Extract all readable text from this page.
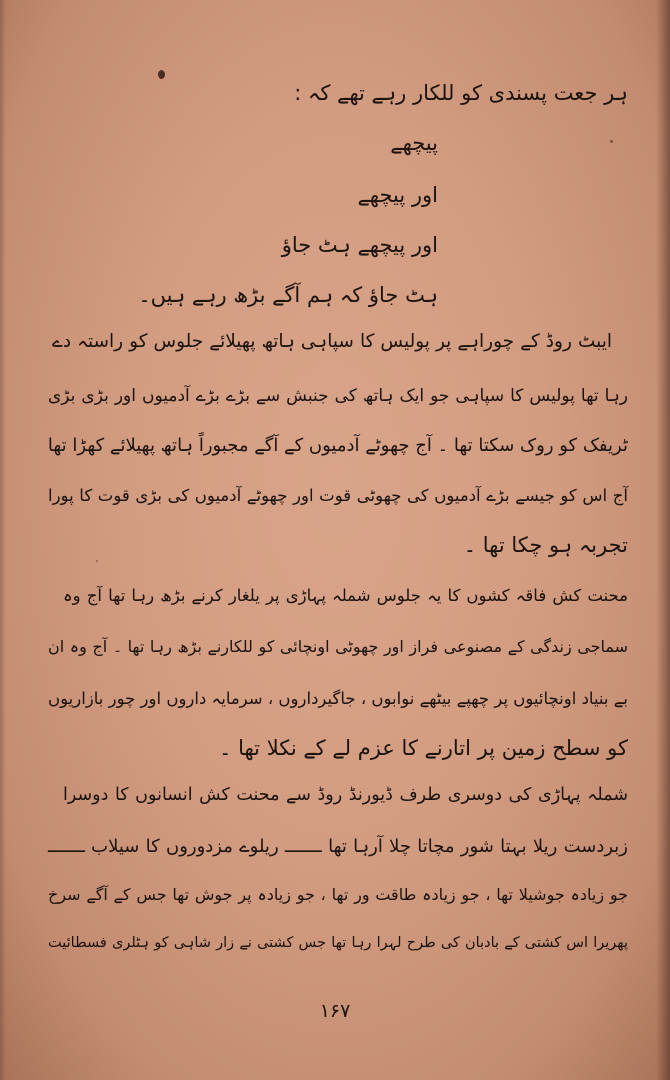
ہر جعت پسندی کو للکار رہے تھے کہ :
پیچھے
اور پیچھے
اور پیچھے ہٹ جاؤ
ہٹ جاؤ کہ ہم آگے بڑھ رہے ہیں۔
ایبٹ روڈ کے چوراہے پر پولیس کا سپاہی ہاتھ پھیلائے جلوس کو راستہ دے
رہا تھا پولیس کا سپاہی جو ایک ہاتھ کی جنبش سے بڑے بڑے آدمیوں اور بڑی بڑی
ٹریفک کو روک سکتا تھا ۔ آج چھوٹے آدمیوں کے آگے مجبوراً ہاتھ پھیلائے کھڑا تھا
آج اس کو جیسے بڑے آدمیوں کی چھوٹی قوت اور چھوٹے آدمیوں کی بڑی قوت کا پورا
تجربہ ہو چکا تھا ۔
محنت کش فاقہ کشوں کا یہ جلوس شملہ پہاڑی پر یلغار کرنے بڑھ رہا تھا آج وہ
سماجی زندگی کے مصنوعی فراز اور چھوٹی اونچائی کو للکارنے بڑھ رہا تھا ۔ آج وہ ان
بے بنیاد اونچائیوں پر چھپے بیٹھے نوابوں ، جاگیرداروں ، سرمایہ داروں اور چور بازاریوں
کو سطح زمین پر اتارنے کا عزم لے کے نکلا تھا ۔
شملہ پہاڑی کی دوسری طرف ڈیورنڈ روڈ سے محنت کش انسانوں کا دوسرا
زبردست ریلا بہتا شور مچاتا چلا آرہا تھا ـــــــ ریلوے مزدوروں کا سیلاب ـــــــ
جو زیادہ جوشیلا تھا ، جو زیادہ طاقت ور تھا ، جو زیادہ پر جوش تھا جس کے آگے سرخ
پھریرا اس کشتی کے بادبان کی طرح لہرا رہا تھا جس کشتی نے زار شاہی کو ہٹلری فسطائیت
۱۶۷
